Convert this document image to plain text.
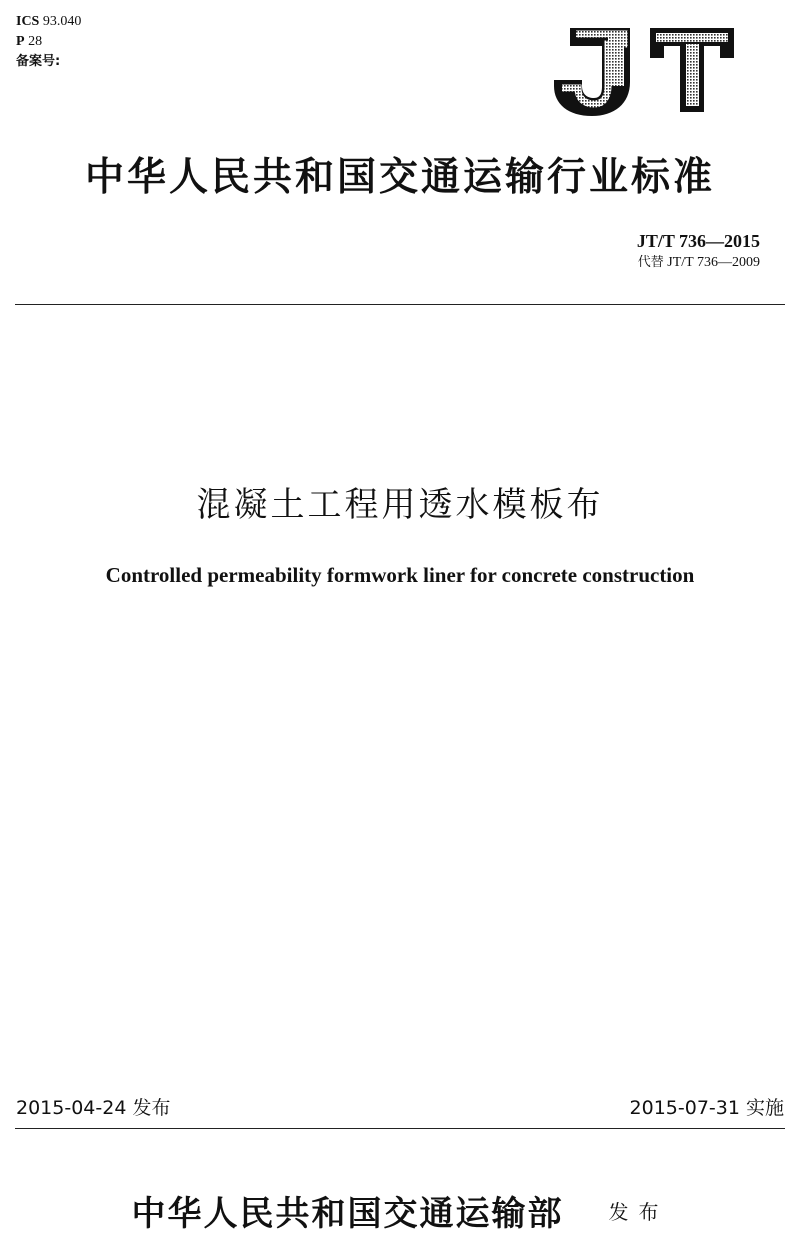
ICS 93.040
P 28
备案号:
中华人民共和国交通运输行业标准
JT/T 736—2015
代替 JT/T 736—2009
混凝土工程用透水模板布
Controlled permeability formwork liner for concrete construction
2015-04-24 发布	2015-07-31 实施
中华人民共和国交通运输部 发布
